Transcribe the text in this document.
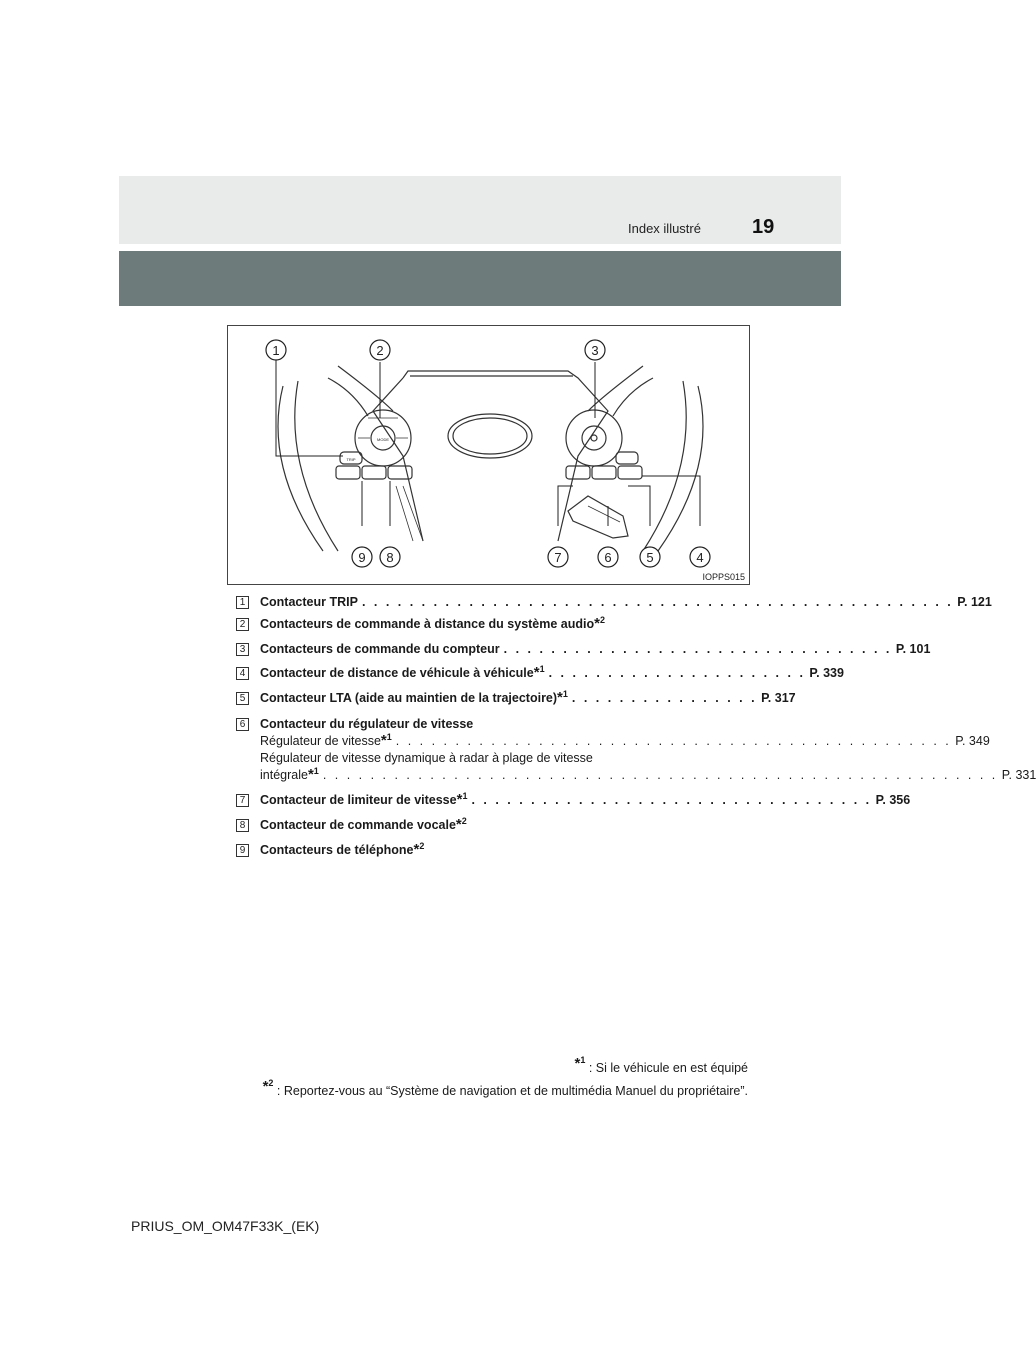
Index illustré	19
1	2	3
9 8	7	6	5	4
TRIP
MODE
IOPPS015
1 Contacteur TRIP . . . . . . . . . . . . . . . . . . . . . . . . . . . . . . . . . . . . . . . . . . . . . . . . . . P. 121
2 Contacteurs de commande à distance du système audio *$^2$
3 Contacteurs de commande du compteur . . . . . . . . . . . . . . . . . . . . . . . . . . . . . . . . . P. 101
4 Contacteur de distance de véhicule à véhicule *$^1$ . . . . . . . . . . . . . . . . . . . . . . P. 339
5 Contacteur LTA (aide au maintien de la trajectoire) *$^1$ . . . . . . . . . . . . . . . . P. 317
6 Contacteur du régulateur de vitesse
Régulateur de vitesse *$^1$ . . . . . . . . . . . . . . . . . . . . . . . . . . . . . . . . . . . . . . . . . . . . . . . P. 349
Régulateur de vitesse dynamique à radar à plage de vitesse
intégrale *$^1$ . . . . . . . . . . . . . . . . . . . . . . . . . . . . . . . . . . . . . . . . . . . . . . . . . . . . . . . . . P. 331
7 Contacteur de limiteur de vitesse *$^1$ . . . . . . . . . . . . . . . . . . . . . . . . . . . . . . . . . . P. 356
8 Contacteur de commande vocale *$^2$
9 Contacteurs de téléphone *$^2$
$^{*^1}$ : Si le véhicule en est équipé
$^{*^2}$ : Reportez-vous au “Système de navigation et de multimédia Manuel du propriétaire”.
PRIUS_OM_OM47F33K_(EK)
